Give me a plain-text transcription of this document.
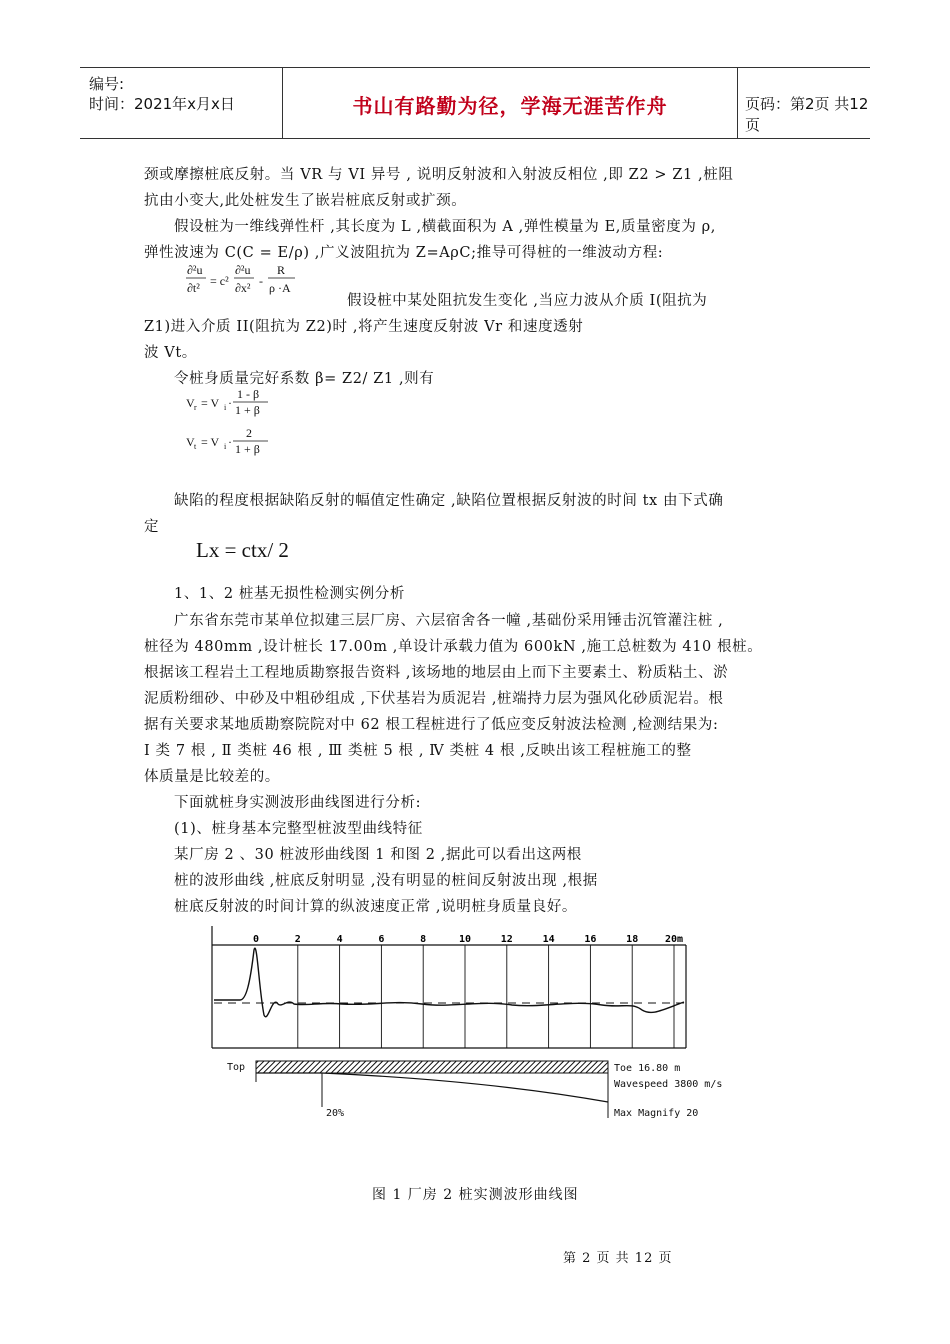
编号:
时间：2021年x月x日	书山有路勤为径，学海无涯苦作舟	页码：第2页 共12页
颈或摩擦桩底反射。当 VR 与 VI 异号 , 说明反射波和入射波反相位 ,即 Z2 > Z1 ,桩阻
抗由小变大,此处桩发生了嵌岩桩底反射或扩颈。
假设桩为一维线弹性杆 ,其长度为 L ,横截面积为 A ,弹性模量为 E,质量密度为 ρ,
弹性波速为 C(C = E/ρ) ,广义波阻抗为 Z=AρC;推导可得桩的一维波动方程:
∂²u
∂t² = c²
∂²u
∂x² -
R
ρ ·A
假设桩中某处阻抗发生变化 ,当应力波从介质 I(阻抗为
Z1)进入介质 II(阻抗为 Z2)时 ,将产生速度反射波 Vr 和速度透射
波 Vt。
令桩身质量完好系数 β= Z2/ Z1 ,则有
V r = V i ·
1 - β
1 + β
V t = V i ·
2
1 + β
缺陷的程度根据缺陷反射的幅值定性确定 ,缺陷位置根据反射波的时间 tx 由下式确
定
Lx = ctx/ 2
1、1、2 桩基无损性检测实例分析
广东省东莞市某单位拟建三层厂房、六层宿舍各一幢 ,基础份采用锤击沉管灌注桩 ,
桩径为 480mm ,设计桩长 17.00m ,单设计承载力值为 600kN ,施工总桩数为 410 根桩。
根据该工程岩土工程地质勘察报告资料 ,该场地的地层由上而下主要素土、粉质粘土、淤
泥质粉细砂、中砂及中粗砂组成 ,下伏基岩为质泥岩 ,桩端持力层为强风化砂质泥岩。根
据有关要求某地质勘察院院对中 62 根工程桩进行了低应变反射波法检测 ,检测结果为:
Ⅰ 类 7 根 , Ⅱ 类桩 46 根 , Ⅲ 类桩 5 根 , Ⅳ 类桩 4 根 ,反映出该工程桩施工的整
体质量是比较差的。
下面就桩身实测波形曲线图进行分析:
(1)、桩身基本完整型桩波型曲线特征
某厂房 2 、30 桩波形曲线图 1 和图 2 ,据此可以看出这两根
桩的波形曲线 ,桩底反射明显 ,没有明显的桩间反射波出现 ,根据
桩底反射波的时间计算的纵波速度正常 ,说明桩身质量良好。
0	2	4	6	8	10	12	14	16	18	20m
Top
20%
Toe 16.80 m
Wavespeed 3800 m/s
Max Magnify 20
图 1 厂房 2 桩实测波形曲线图
第 2 页 共 12 页
